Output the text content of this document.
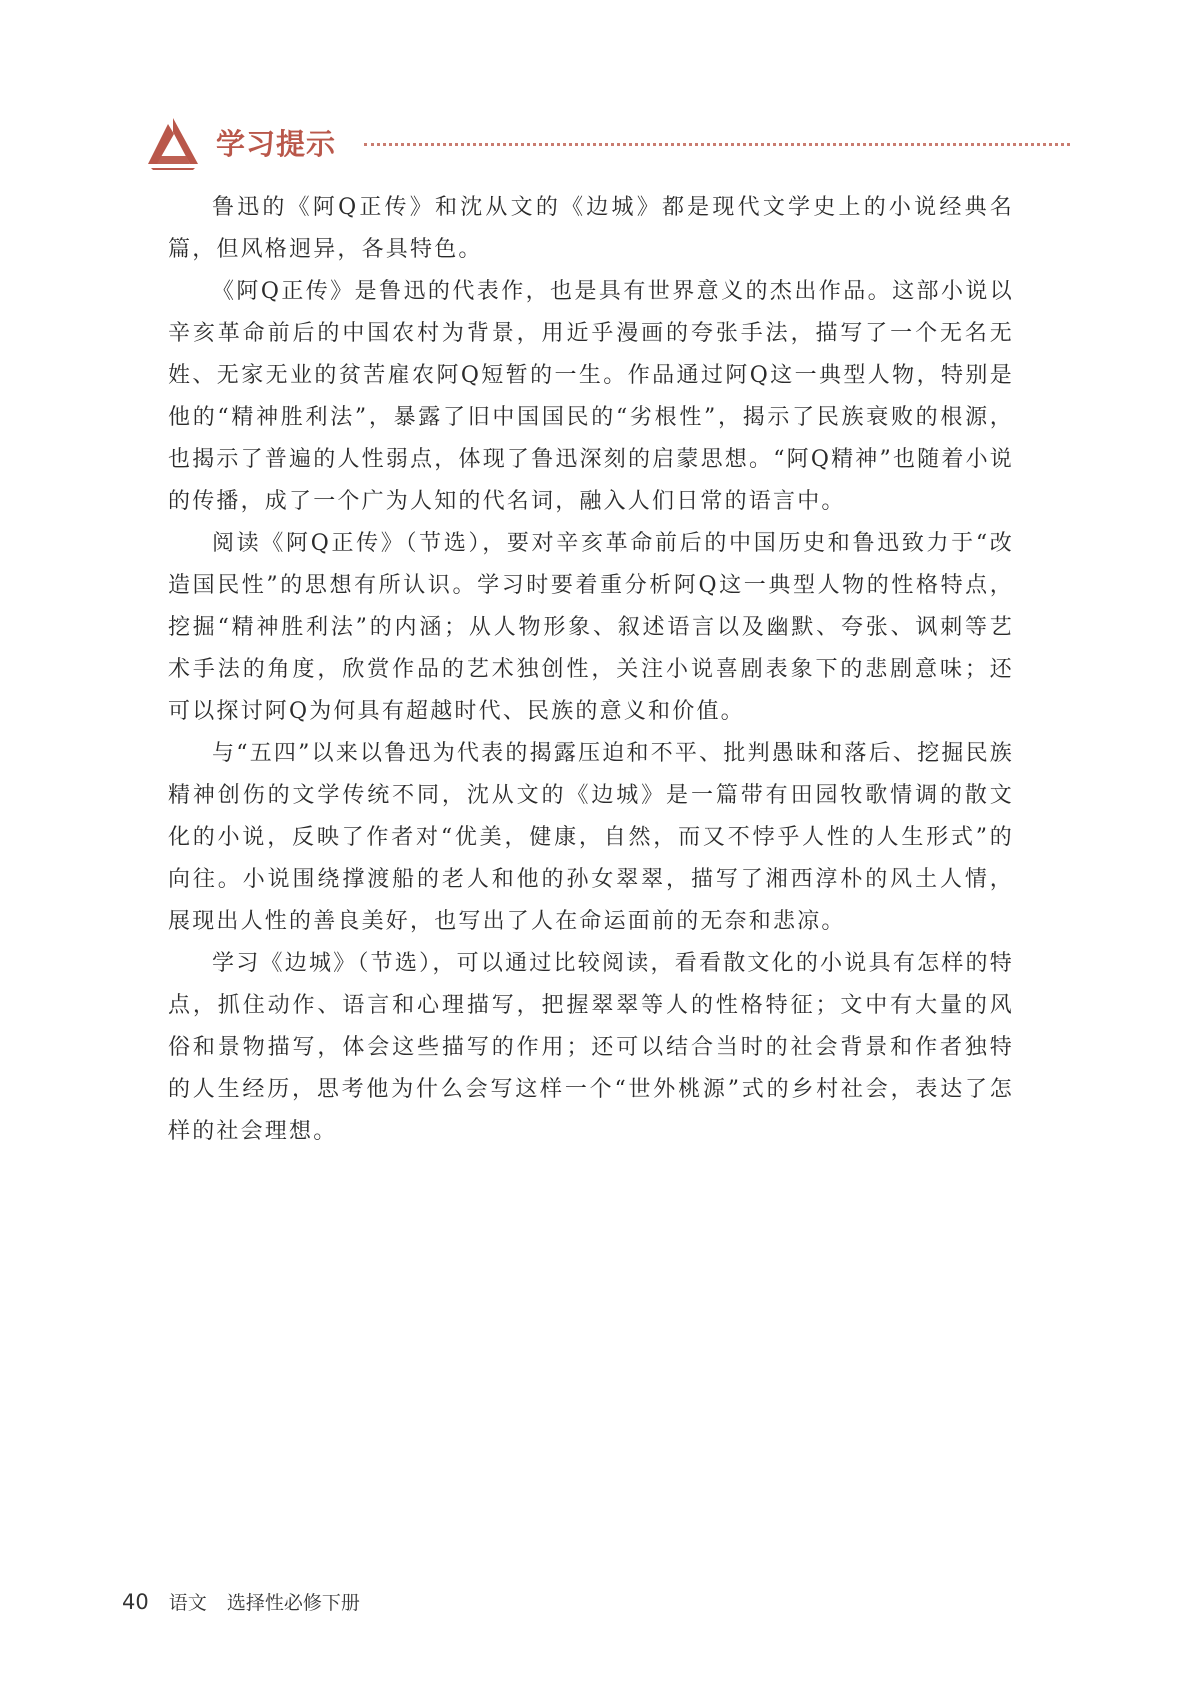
学习提示

鲁迅的《阿Q正传》和沈从文的《边城》都是现代文学史上的小说经典名篇，但风格迥异，各具特色。

《阿Q正传》是鲁迅的代表作，也是具有世界意义的杰出作品。这部小说以辛亥革命前后的中国农村为背景，用近乎漫画的夸张手法，描写了一个无名无姓、无家无业的贫苦雇农阿Q短暂的一生。作品通过阿Q这一典型人物，特别是他的“精神胜利法”，暴露了旧中国国民的“劣根性”，揭示了民族衰败的根源，也揭示了普遍的人性弱点，体现了鲁迅深刻的启蒙思想。“阿Q精神”也随着小说的传播，成了一个广为人知的代名词，融入人们日常的语言中。

阅读《阿Q正传》（节选），要对辛亥革命前后的中国历史和鲁迅致力于“改造国民性”的思想有所认识。学习时要着重分析阿Q这一典型人物的性格特点，挖掘“精神胜利法”的内涵；从人物形象、叙述语言以及幽默、夸张、讽刺等艺术手法的角度，欣赏作品的艺术独创性，关注小说喜剧表象下的悲剧意味；还可以探讨阿Q为何具有超越时代、民族的意义和价值。

与“五四”以来以鲁迅为代表的揭露压迫和不平、批判愚昧和落后、挖掘民族精神创伤的文学传统不同，沈从文的《边城》是一篇带有田园牧歌情调的散文化的小说，反映了作者对“优美，健康，自然，而又不悖乎人性的人生形式”的向往。小说围绕撑渡船的老人和他的孙女翠翠，描写了湘西淳朴的风土人情，展现出人性的善良美好，也写出了人在命运面前的无奈和悲凉。

学习《边城》（节选），可以通过比较阅读，看看散文化的小说具有怎样的特点，抓住动作、语言和心理描写，把握翠翠等人的性格特征；文中有大量的风俗和景物描写，体会这些描写的作用；还可以结合当时的社会背景和作者独特的人生经历，思考他为什么会写这样一个“世外桃源”式的乡村社会，表达了怎样的社会理想。

40 语文 选择性必修下册
